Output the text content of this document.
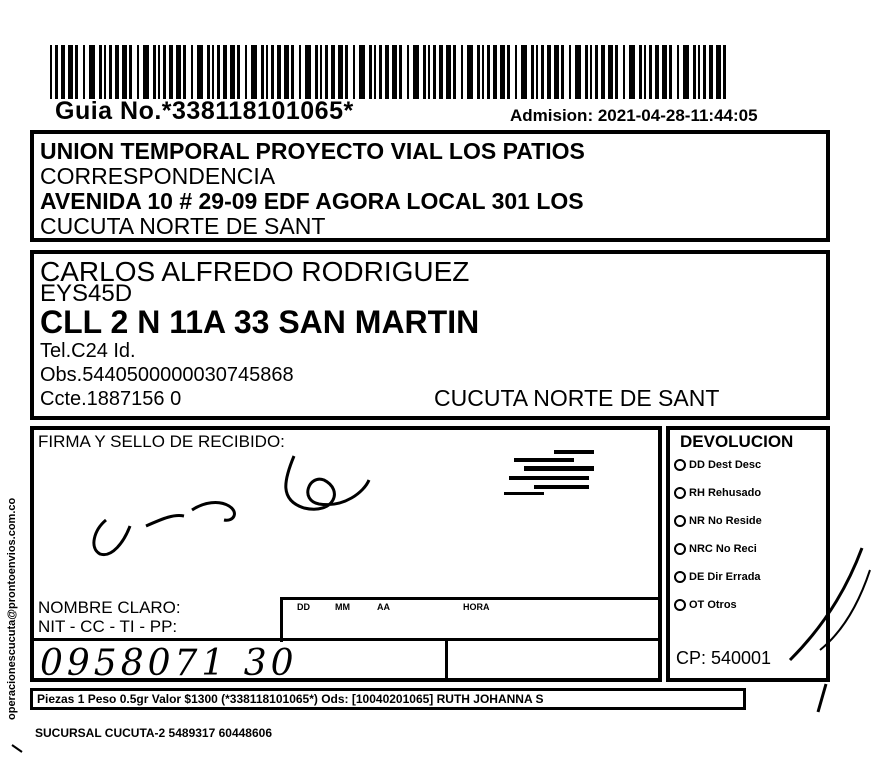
Guia No.*338118101065*	Admision: 2021-04-28-11:44:05
UNION TEMPORAL PROYECTO VIAL LOS PATIOS
CORRESPONDENCIA
AVENIDA 10 # 29-09 EDF AGORA LOCAL 301 LOS
CUCUTA NORTE DE SANT
CARLOS ALFREDO RODRIGUEZ
EYS45D
CLL 2 N 11A 33 SAN MARTIN
Tel.C24 Id.
Obs.5440500000030745868
Ccte.1887156 0	CUCUTA NORTE DE SANT
FIRMA Y SELLO DE RECIBIDO:
NOMBRE CLARO:
NIT - CC - TI - PP:
DD	MM	AA	HORA
0958071 30
DEVOLUCION
DD Dest Desc
RH Rehusado
NR No Reside
NRC No Reci
DE Dir Errada
OT Otros
CP: 540001
Piezas 1 Peso 0.5gr Valor $1300 (*338118101065*) Ods: [10040201065] RUTH JOHANNA S
SUCURSAL CUCUTA-2 5489317 60448606
operacionescucuta@prontoenvios.com.co
